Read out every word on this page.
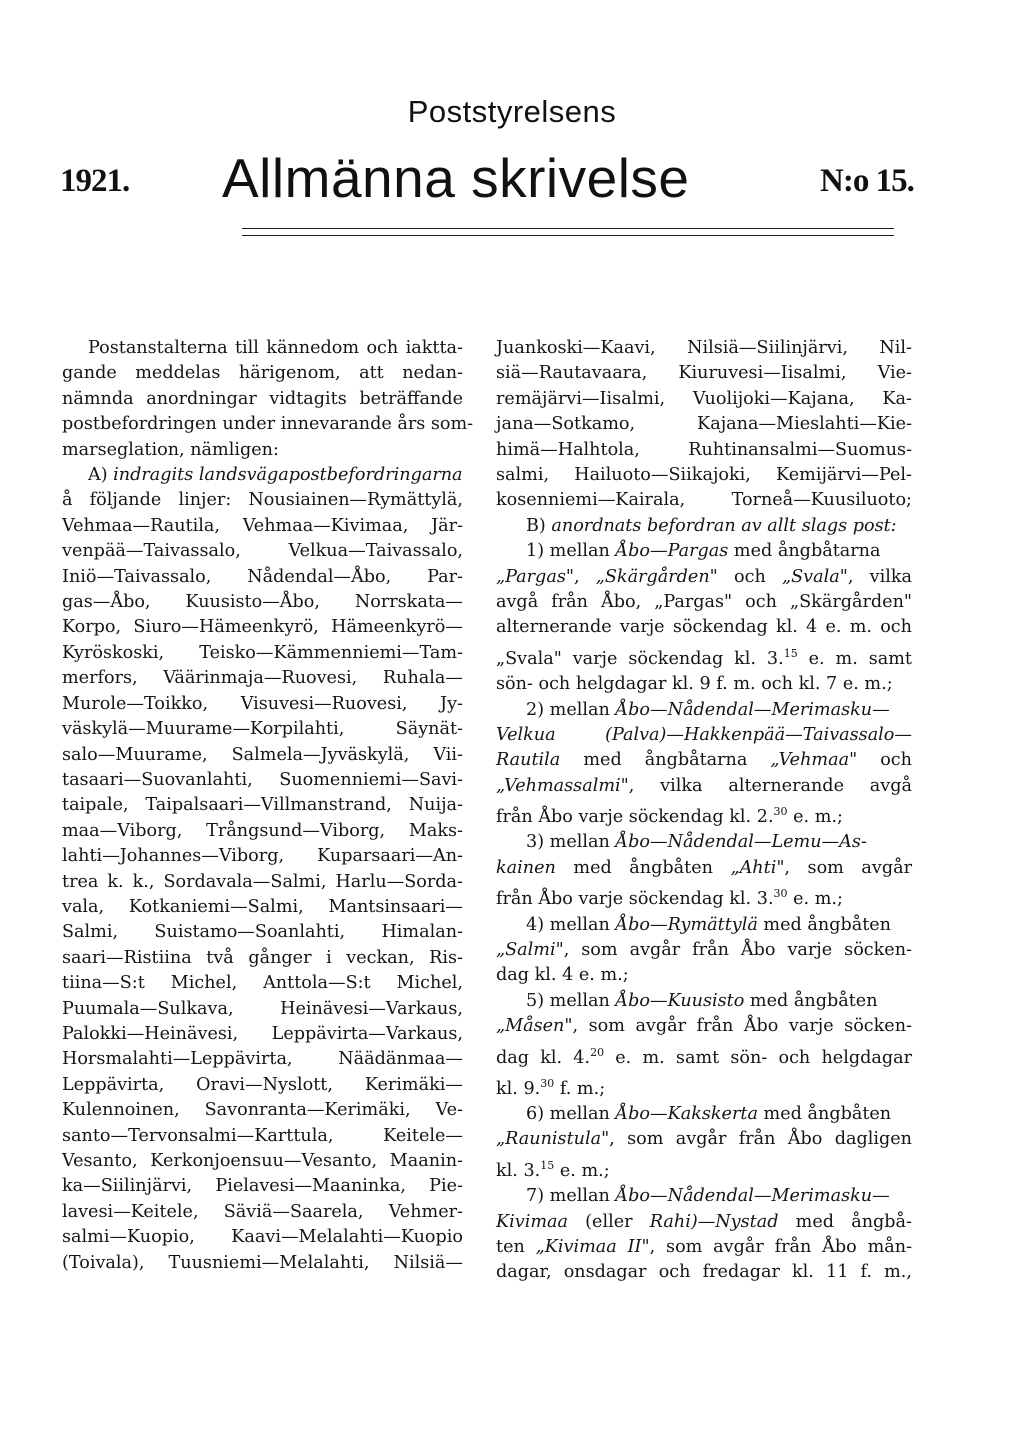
Poststyrelsens
1921. Allmänna skrivelse	N:o 15.
Postanstalterna till kännedom och iaktta-
gande meddelas härigenom, att nedan-
nämnda anordningar vidtagits beträffande
postbefordringen under innevarande års som-
marseglation, nämligen:
A) indragits landsvägapostbefordringarna
å följande linjer: Nousiainen—Rymättylä,
Vehmaa—Rautila, Vehmaa—Kivimaa, Jär-
venpää—Taivassalo, Velkua—Taivassalo,
Iniö—Taivassalo, Nådendal—Åbo, Par-
gas—Åbo, Kuusisto—Åbo, Norrskata—
Korpo, Siuro—Hämeenkyrö, Hämeenkyrö—
Kyröskoski, Teisko—Kämmenniemi—Tam-
merfors, Väärinmaja—Ruovesi, Ruhala—
Murole—Toikko, Visuvesi—Ruovesi, Jy-
väskylä—Muurame—Korpilahti, Säynät-
salo—Muurame, Salmela—Jyväskylä, Vii-
tasaari—Suovanlahti, Suomenniemi—Savi-
taipale, Taipalsaari—Villmanstrand, Nuija-
maa—Viborg, Trångsund—Viborg, Maks-
lahti—Johannes—Viborg, Kuparsaari—An-
trea k. k., Sordavala—Salmi, Harlu—Sorda-
vala, Kotkaniemi—Salmi, Mantsinsaari—
Salmi, Suistamo—Soanlahti, Himalan-
saari—Ristiina två gånger i veckan, Ris-
tiina—S:t Michel, Anttola—S:t Michel,
Puumala—Sulkava, Heinävesi—Varkaus,
Palokki—Heinävesi, Leppävirta—Varkaus,
Horsmalahti—Leppävirta, Näädänmaa—
Leppävirta, Oravi—Nyslott, Kerimäki—
Kulennoinen, Savonranta—Kerimäki, Ve-
santo—Tervonsalmi—Karttula, Keitele—
Vesanto, Kerkonjoensuu—Vesanto, Maanin-
ka—Siilinjärvi, Pielavesi—Maaninka, Pie-
lavesi—Keitele, Säviä—Saarela, Vehmer-
salmi—Kuopio, Kaavi—Melalahti—Kuopio
(Toivala), Tuusniemi—Melalahti, Nilsiä—
Juankoski—Kaavi, Nilsiä—Siilinjärvi, Nil-
siä—Rautavaara, Kiuruvesi—Iisalmi, Vie-
remäjärvi—Iisalmi, Vuolijoki—Kajana, Ka-
jana—Sotkamo, Kajana—Mieslahti—Kie-
himä—Halhtola, Ruhtinansalmi—Suomus-
salmi, Hailuoto—Siikajoki, Kemijärvi—Pel-
kosenniemi—Kairala, Torneå—Kuusiluoto;
B) anordnats befordran av allt slags post:
1) mellan Åbo—Pargas med ångbåtarna
„Pargas", „Skärgården" och „Svala", vilka
avgå från Åbo, „Pargas" och „Skärgården"
alternerande varje söckendag kl. 4 e. m. och
„Svala" varje söckendag kl. 3.15 e. m. samt
sön- och helgdagar kl. 9 f. m. och kl. 7 e. m.;
2) mellan Åbo—Nådendal—Merimasku—
Velkua (Palva)—Hakkenpää—Taivassalo—
Rautila med ångbåtarna „Vehmaa" och
„Vehmassalmi", vilka alternerande avgå
från Åbo varje söckendag kl. 2.30 e. m.;
3) mellan Åbo—Nådendal—Lemu—As-
kainen med ångbåten „Ahti", som avgår
från Åbo varje söckendag kl. 3.30 e. m.;
4) mellan Åbo—Rymättylä med ångbåten
„Salmi", som avgår från Åbo varje söcken-
dag kl. 4 e. m.;
5) mellan Åbo—Kuusisto med ångbåten
„Måsen", som avgår från Åbo varje söcken-
dag kl. 4.20 e. m. samt sön- och helgdagar
kl. 9.30 f. m.;
6) mellan Åbo—Kakskerta med ångbåten
„Raunistula", som avgår från Åbo dagligen
kl. 3.15 e. m.;
7) mellan Åbo—Nådendal—Merimasku—
Kivimaa (eller Rahi)—Nystad med ångbå-
ten „Kivimaa II", som avgår från Åbo mån-
dagar, onsdagar och fredagar kl. 11 f. m.,
